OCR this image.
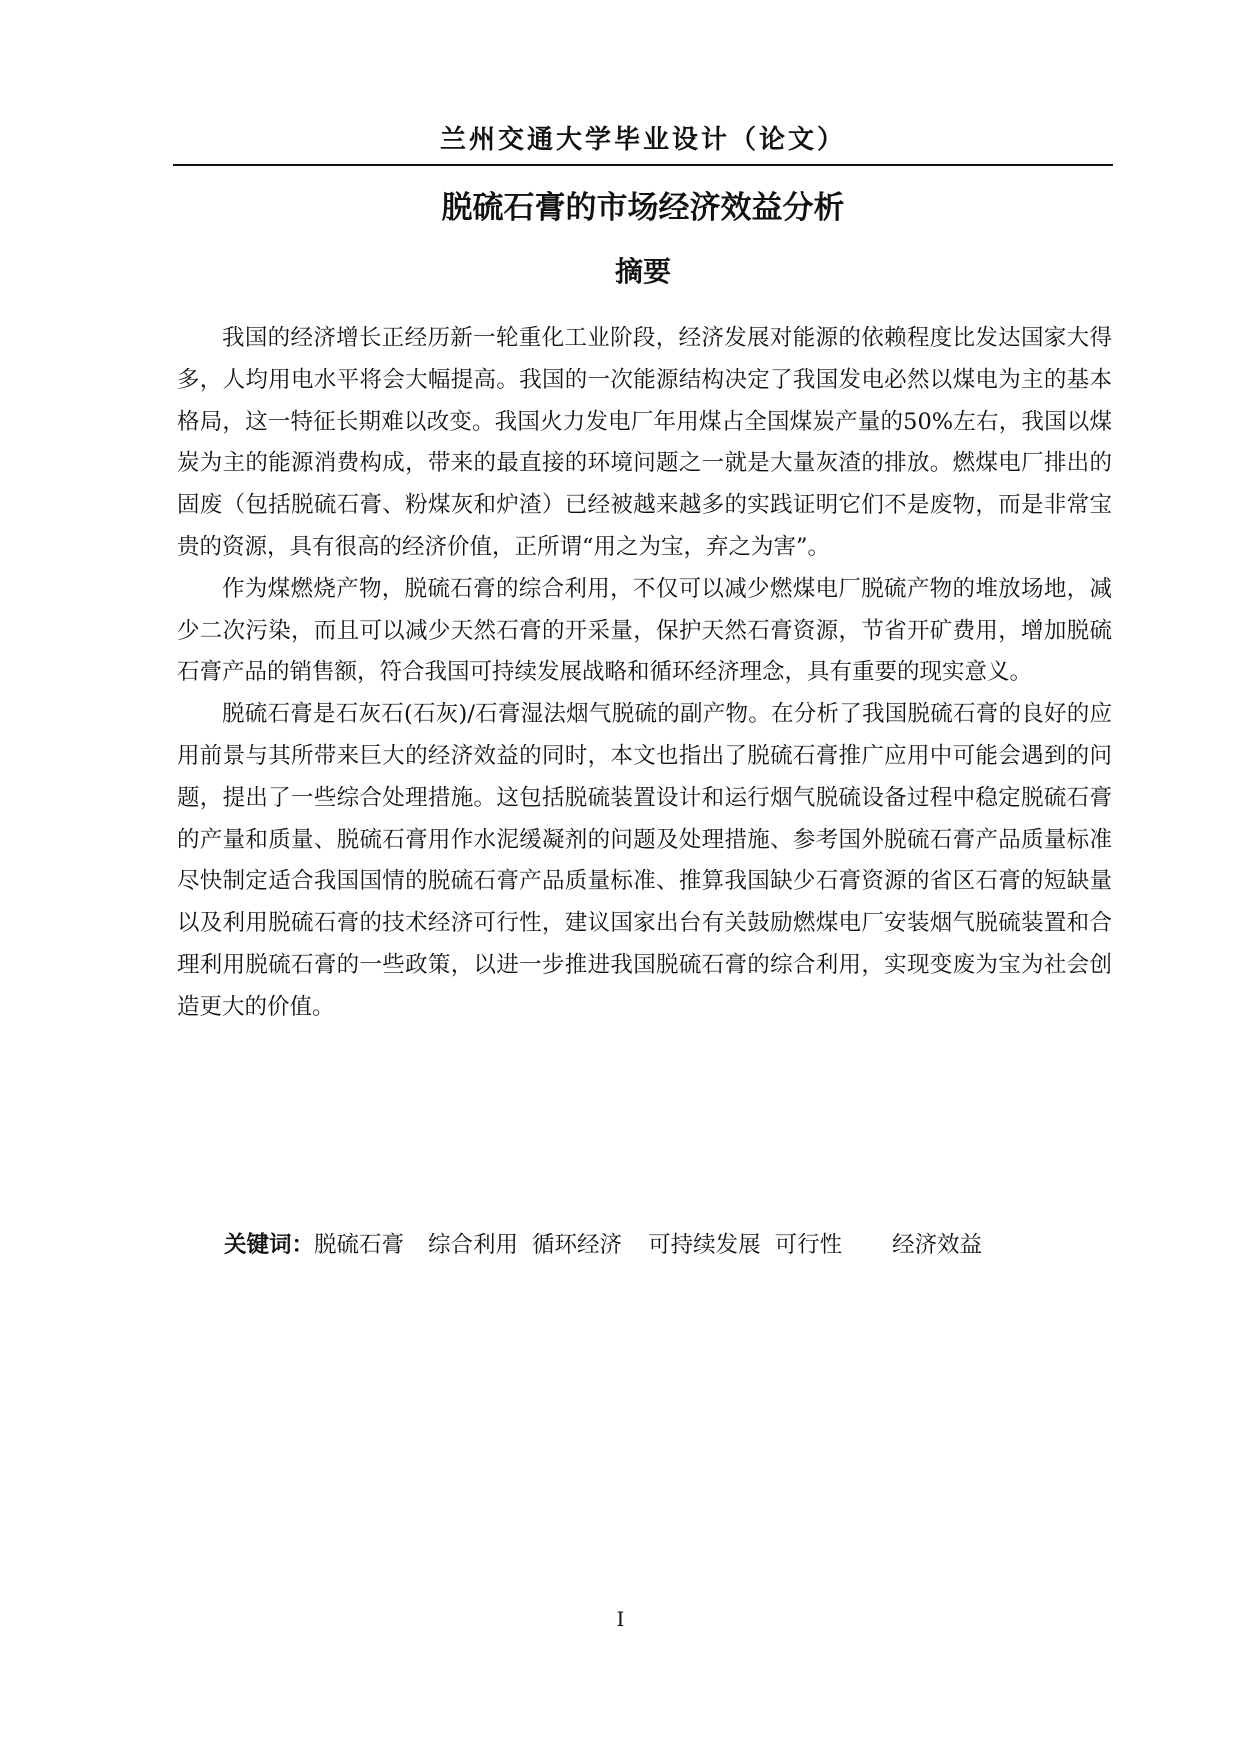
兰州交通大学毕业设计（论文）
脱硫石膏的市场经济效益分析
摘要

我国的经济增长正经历新一轮重化工业阶段，经济发展对能源的依赖程度比发达国家大得多，人均用电水平将会大幅提高。我国的一次能源结构决定了我国发电必然以煤电为主的基本格局，这一特征长期难以改变。我国火力发电厂年用煤占全国煤炭产量的50%左右，我国以煤炭为主的能源消费构成，带来的最直接的环境问题之一就是大量灰渣的排放。燃煤电厂排出的固废（包括脱硫石膏、粉煤灰和炉渣）已经被越来越多的实践证明它们不是废物，而是非常宝贵的资源，具有很高的经济价值，正所谓“用之为宝，弃之为害”。

作为煤燃烧产物，脱硫石膏的综合利用，不仅可以减少燃煤电厂脱硫产物的堆放场地，减少二次污染，而且可以减少天然石膏的开采量，保护天然石膏资源，节省开矿费用，增加脱硫石膏产品的销售额，符合我国可持续发展战略和循环经济理念，具有重要的现实意义。

脱硫石膏是石灰石(石灰)/石膏湿法烟气脱硫的副产物。在分析了我国脱硫石膏的良好的应用前景与其所带来巨大的经济效益的同时，本文也指出了脱硫石膏推广应用中可能会遇到的问题，提出了一些综合处理措施。这包括脱硫装置设计和运行烟气脱硫设备过程中稳定脱硫石膏的产量和质量、脱硫石膏用作水泥缓凝剂的问题及处理措施、参考国外脱硫石膏产品质量标准尽快制定适合我国国情的脱硫石膏产品质量标准、推算我国缺少石膏资源的省区石膏的短缺量以及利用脱硫石膏的技术经济可行性，建议国家出台有关鼓励燃煤电厂安装烟气脱硫装置和合理利用脱硫石膏的一些政策，以进一步推进我国脱硫石膏的综合利用，实现变废为宝为社会创造更大的价值。

关键词：脱硫石膏 综合利用 循环经济 可持续发展 可行性 经济效益
I
